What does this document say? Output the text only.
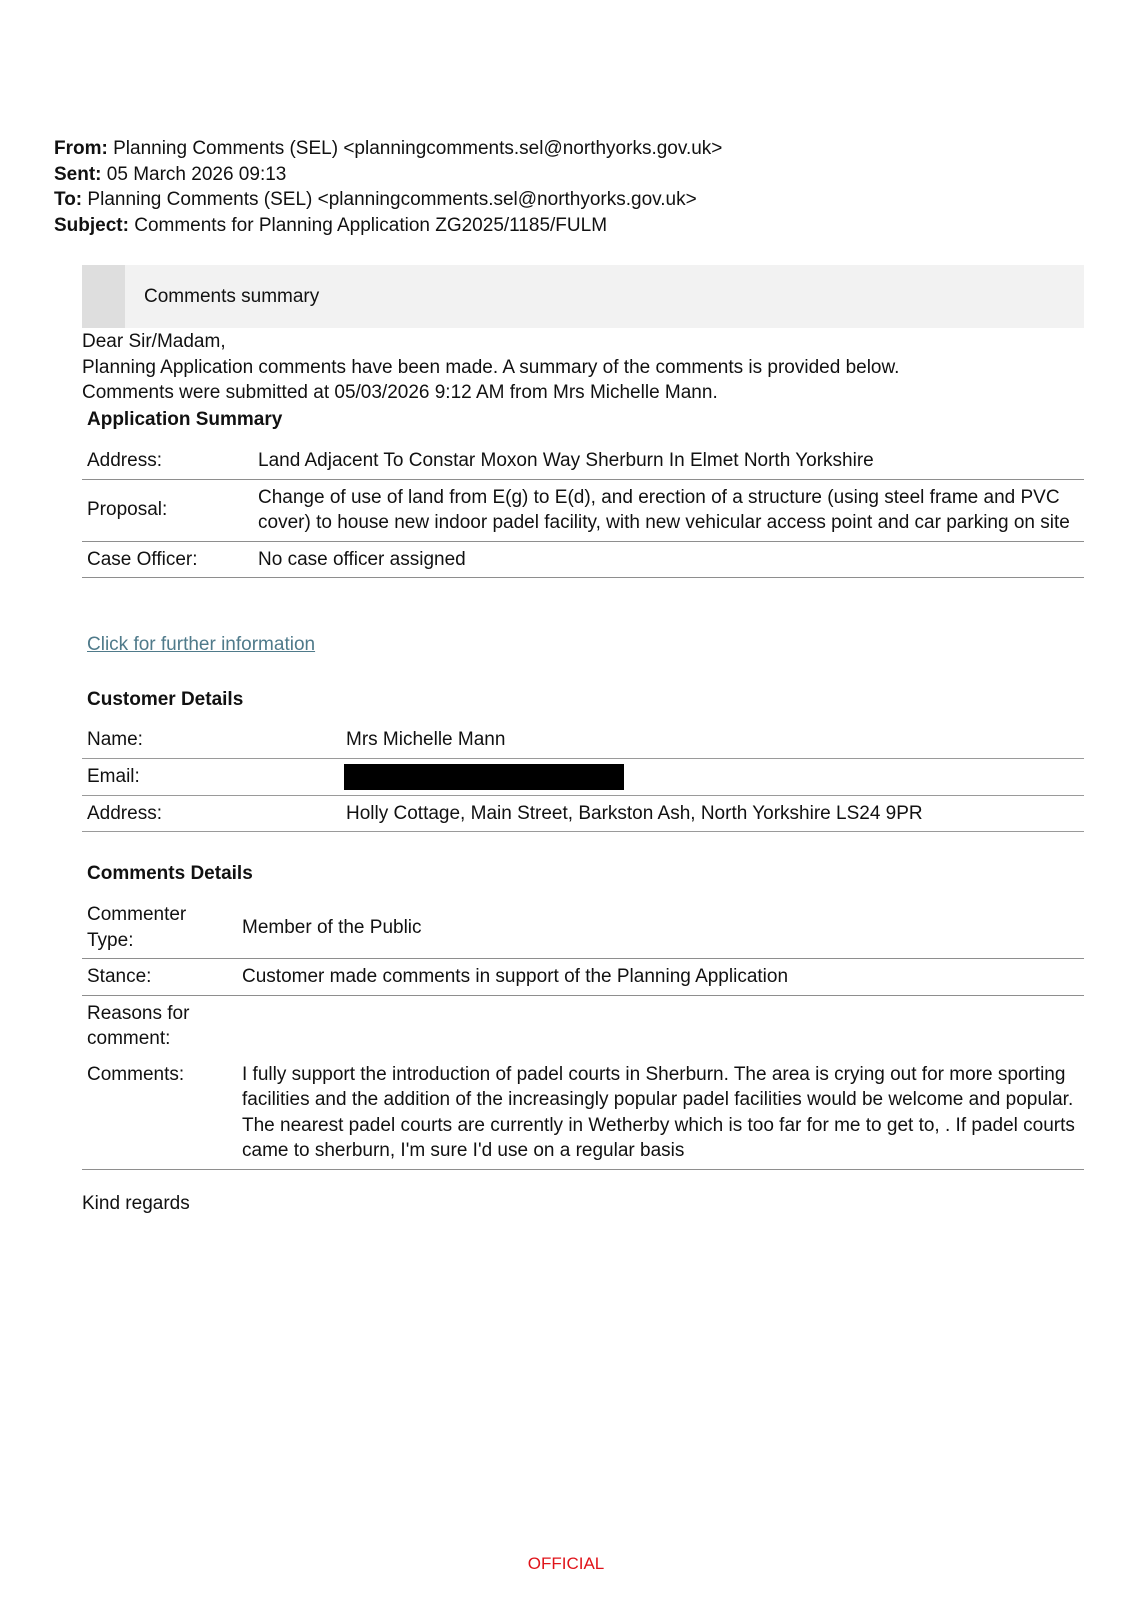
From: Planning Comments (SEL) <planningcomments.sel@northyorks.gov.uk>
Sent: 05 March 2026 09:13
To: Planning Comments (SEL) <planningcomments.sel@northyorks.gov.uk>
Subject: Comments for Planning Application ZG2025/1185/FULM
Comments summary
Dear Sir/Madam,
Planning Application comments have been made. A summary of the comments is provided below.
Comments were submitted at 05/03/2026 9:12 AM from Mrs Michelle Mann.
Application Summary
Address:	Land Adjacent To Constar Moxon Way Sherburn In Elmet North Yorkshire
Proposal:	Change of use of land from E(g) to E(d), and erection of a structure (using steel frame and PVC cover) to house new indoor padel facility, with new vehicular access point and car parking on site
Case Officer:	No case officer assigned
Click for further information
Customer Details
Name:	Mrs Michelle Mann
Email:	
Address:	Holly Cottage, Main Street, Barkston Ash, North Yorkshire LS24 9PR
Comments Details
Commenter Type:	Member of the Public
Stance:	Customer made comments in support of the Planning Application
Reasons for comment:	
Comments:	I fully support the introduction of padel courts in Sherburn. The area is crying out for more sporting facilities and the addition of the increasingly popular padel facilities would be welcome and popular. The nearest padel courts are currently in Wetherby which is too far for me to get to, . If padel courts came to sherburn, I'm sure I'd use on a regular basis
Kind regards
OFFICIAL
